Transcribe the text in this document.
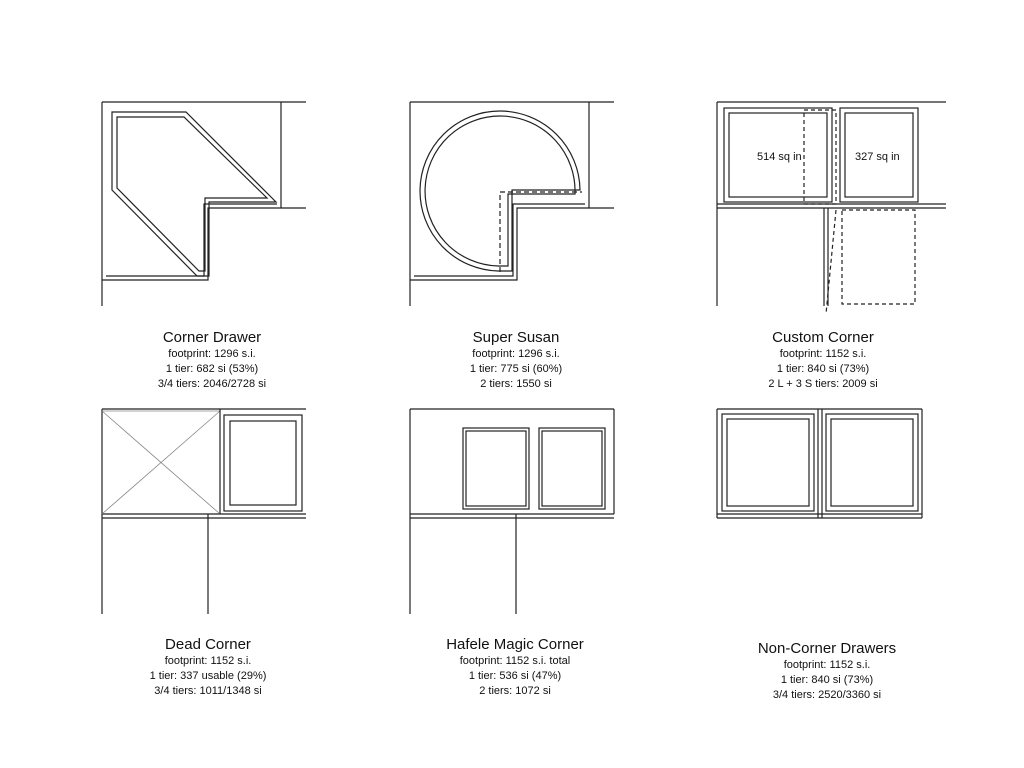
514 sq in	327 sq in
Corner Drawer
footprint: 1296 s.i.
1 tier: 682 si (53%)
3/4 tiers: 2046/2728 si
Super Susan
footprint: 1296 s.i.
1 tier: 775 si (60%)
2 tiers: 1550 si
Custom Corner
footprint: 1152 s.i.
1 tier: 840 si (73%)
2 L + 3 S tiers: 2009 si
Dead Corner
footprint: 1152 s.i.
1 tier: 337 usable (29%)
3/4 tiers: 1011/1348 si
Hafele Magic Corner
footprint: 1152 s.i. total
1 tier: 536 si (47%)
2 tiers: 1072 si
Non-Corner Drawers
footprint: 1152 s.i.
1 tier: 840 si (73%)
3/4 tiers: 2520/3360 si
